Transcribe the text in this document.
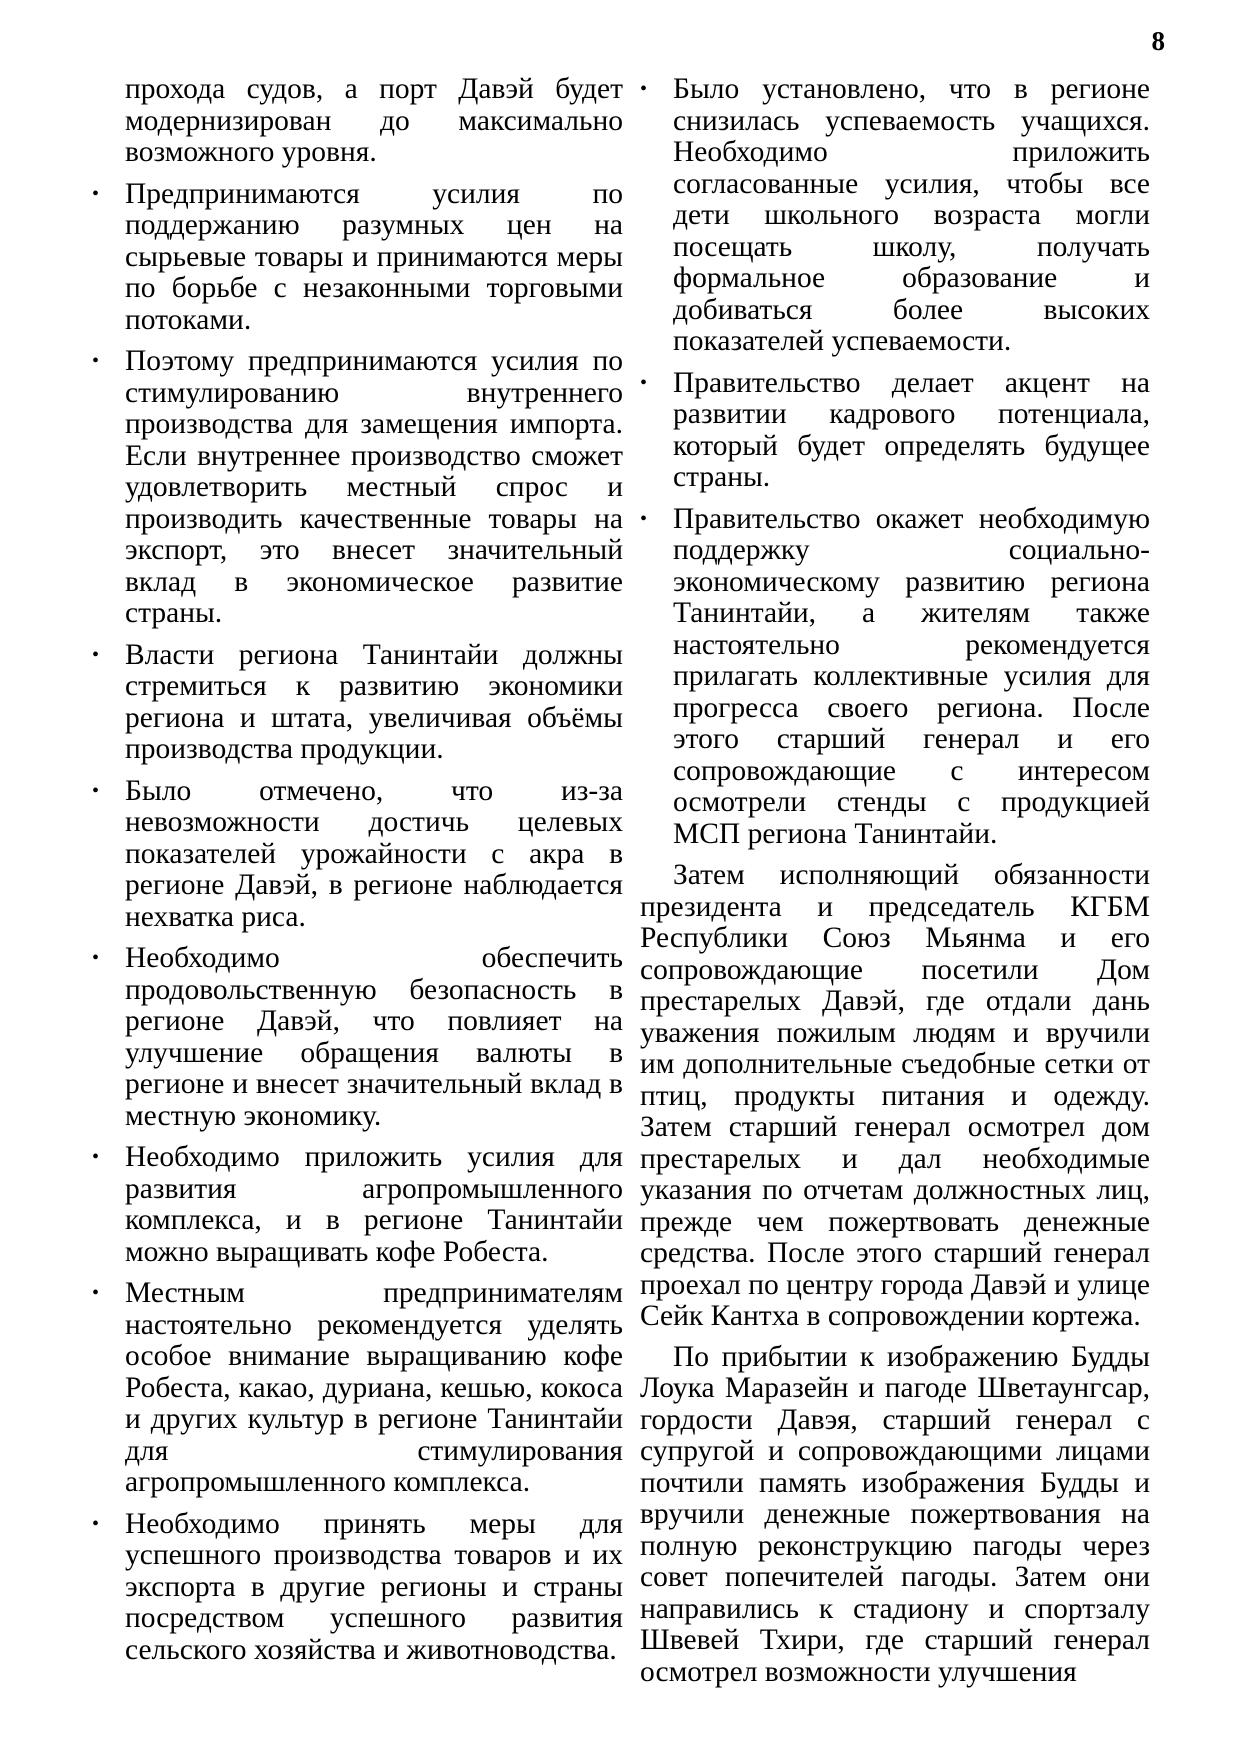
8
прохода судов, а порт Давэй будет модернизирован до максимально возможного уровня.
• Предпринимаются усилия по поддержанию разумных цен на сырьевые товары и принимаются меры по борьбе с незаконными торговыми потоками.
• Поэтому предпринимаются усилия по стимулированию внутреннего производства для замещения импорта. Если внутреннее производство сможет удовлетворить местный спрос и производить качественные товары на экспорт, это внесет значительный вклад в экономическое развитие страны.
• Власти региона Танинтайи должны стремиться к развитию экономики региона и штата, увеличивая объёмы производства продукции.
• Было отмечено, что из-за невозможности достичь целевых показателей урожайности с акра в регионе Давэй, в регионе наблюдается нехватка риса.
• Необходимо обеспечить продовольственную безопасность в регионе Давэй, что повлияет на улучшение обращения валюты в регионе и внесет значительный вклад в местную экономику.
• Необходимо приложить усилия для развития агропромышленного комплекса, и в регионе Танинтайи можно выращивать кофе Робеста.
• Местным предпринимателям настоятельно рекомендуется уделять особое внимание выращиванию кофе Робеста, какао, дуриана, кешью, кокоса и других культур в регионе Танинтайи для стимулирования агропромышленного комплекса.
• Необходимо принять меры для успешного производства товаров и их экспорта в другие регионы и страны посредством успешного развития сельского хозяйства и животноводства.
• Было установлено, что в регионе снизилась успеваемость учащихся. Необходимо приложить согласованные усилия, чтобы все дети школьного возраста могли посещать школу, получать формальное образование и добиваться более высоких показателей успеваемости.
• Правительство делает акцент на развитии кадрового потенциала, который будет определять будущее страны.
• Правительство окажет необходимую поддержку социально-экономическому развитию региона Танинтайи, а жителям также настоятельно рекомендуется прилагать коллективные усилия для прогресса своего региона. После этого старший генерал и его сопровождающие с интересом осмотрели стенды с продукцией МСП региона Танинтайи.

Затем исполняющий обязанности президента и председатель КГБМ Республики Союз Мьянма и его сопровождающие посетили Дом престарелых Давэй, где отдали дань уважения пожилым людям и вручили им дополнительные съедобные сетки от птиц, продукты питания и одежду. Затем старший генерал осмотрел дом престарелых и дал необходимые указания по отчетам должностных лиц, прежде чем пожертвовать денежные средства. После этого старший генерал проехал по центру города Давэй и улице Сейк Кантха в сопровождении кортежа.

По прибытии к изображению Будды Лоука Маразейн и пагоде Шветаунгсар, гордости Давэя, старший генерал с супругой и сопровождающими лицами почтили память изображения Будды и вручили денежные пожертвования на полную реконструкцию пагоды через совет попечителей пагоды. Затем они направились к стадиону и спортзалу Швевей Тхири, где старший генерал осмотрел возможности улучшения
